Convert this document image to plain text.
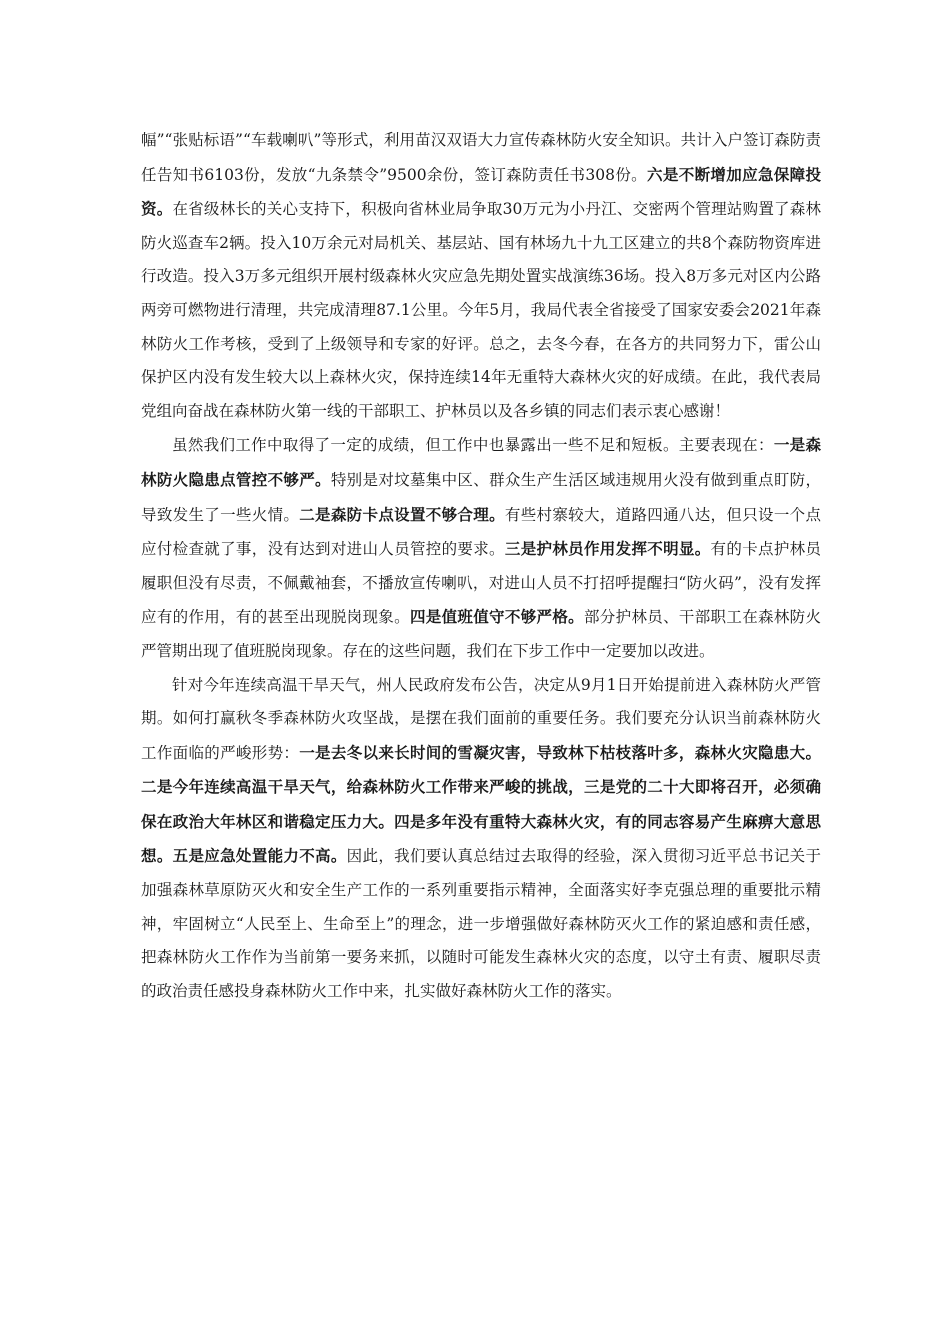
幅”“张贴标语”“车载喇叭”等形式，利用苗汉双语大力宣传森林防火安全知识。共计入户签订森防责任告知书6103份，发放“九条禁令”9500余份，签订森防责任书308份。六是不断增加应急保障投资。在省级林长的关心支持下，积极向省林业局争取30万元为小丹江、交密两个管理站购置了森林防火巡查车2辆。投入10万余元对局机关、基层站、国有林场九十九工区建立的共8个森防物资库进行改造。投入3万多元组织开展村级森林火灾应急先期处置实战演练36场。投入8万多元对区内公路两旁可燃物进行清理，共完成清理87.1公里。今年5月，我局代表全省接受了国家安委会2021年森林防火工作考核，受到了上级领导和专家的好评。总之，去冬今春，在各方的共同努力下，雷公山保护区内没有发生较大以上森林火灾，保持连续14年无重特大森林火灾的好成绩。在此，我代表局党组向奋战在森林防火第一线的干部职工、护林员以及各乡镇的同志们表示衷心感谢！

虽然我们工作中取得了一定的成绩，但工作中也暴露出一些不足和短板。主要表现在：一是森林防火隐患点管控不够严。特别是对坟墓集中区、群众生产生活区域违规用火没有做到重点盯防，导致发生了一些火情。二是森防卡点设置不够合理。有些村寨较大，道路四通八达，但只设一个点应付检查就了事，没有达到对进山人员管控的要求。三是护林员作用发挥不明显。有的卡点护林员履职但没有尽责，不佩戴袖套，不播放宣传喇叭，对进山人员不打招呼提醒扫“防火码”，没有发挥应有的作用，有的甚至出现脱岗现象。四是值班值守不够严格。部分护林员、干部职工在森林防火严管期出现了值班脱岗现象。存在的这些问题，我们在下步工作中一定要加以改进。

针对今年连续高温干旱天气，州人民政府发布公告，决定从9月1日开始提前进入森林防火严管期。如何打赢秋冬季森林防火攻坚战，是摆在我们面前的重要任务。我们要充分认识当前森林防火工作面临的严峻形势：一是去冬以来长时间的雪凝灾害，导致林下枯枝落叶多，森林火灾隐患大。二是今年连续高温干旱天气，给森林防火工作带来严峻的挑战，三是党的二十大即将召开，必须确保在政治大年林区和谐稳定压力大。四是多年没有重特大森林火灾，有的同志容易产生麻痹大意思想。五是应急处置能力不高。因此，我们要认真总结过去取得的经验，深入贯彻习近平总书记关于加强森林草原防灭火和安全生产工作的一系列重要指示精神，全面落实好李克强总理的重要批示精神，牢固树立“人民至上、生命至上”的理念，进一步增强做好森林防灭火工作的紧迫感和责任感，把森林防火工作作为当前第一要务来抓，以随时可能发生森林火灾的态度，以守土有责、履职尽责的政治责任感投身森林防火工作中来，扎实做好森林防火工作的落实。
